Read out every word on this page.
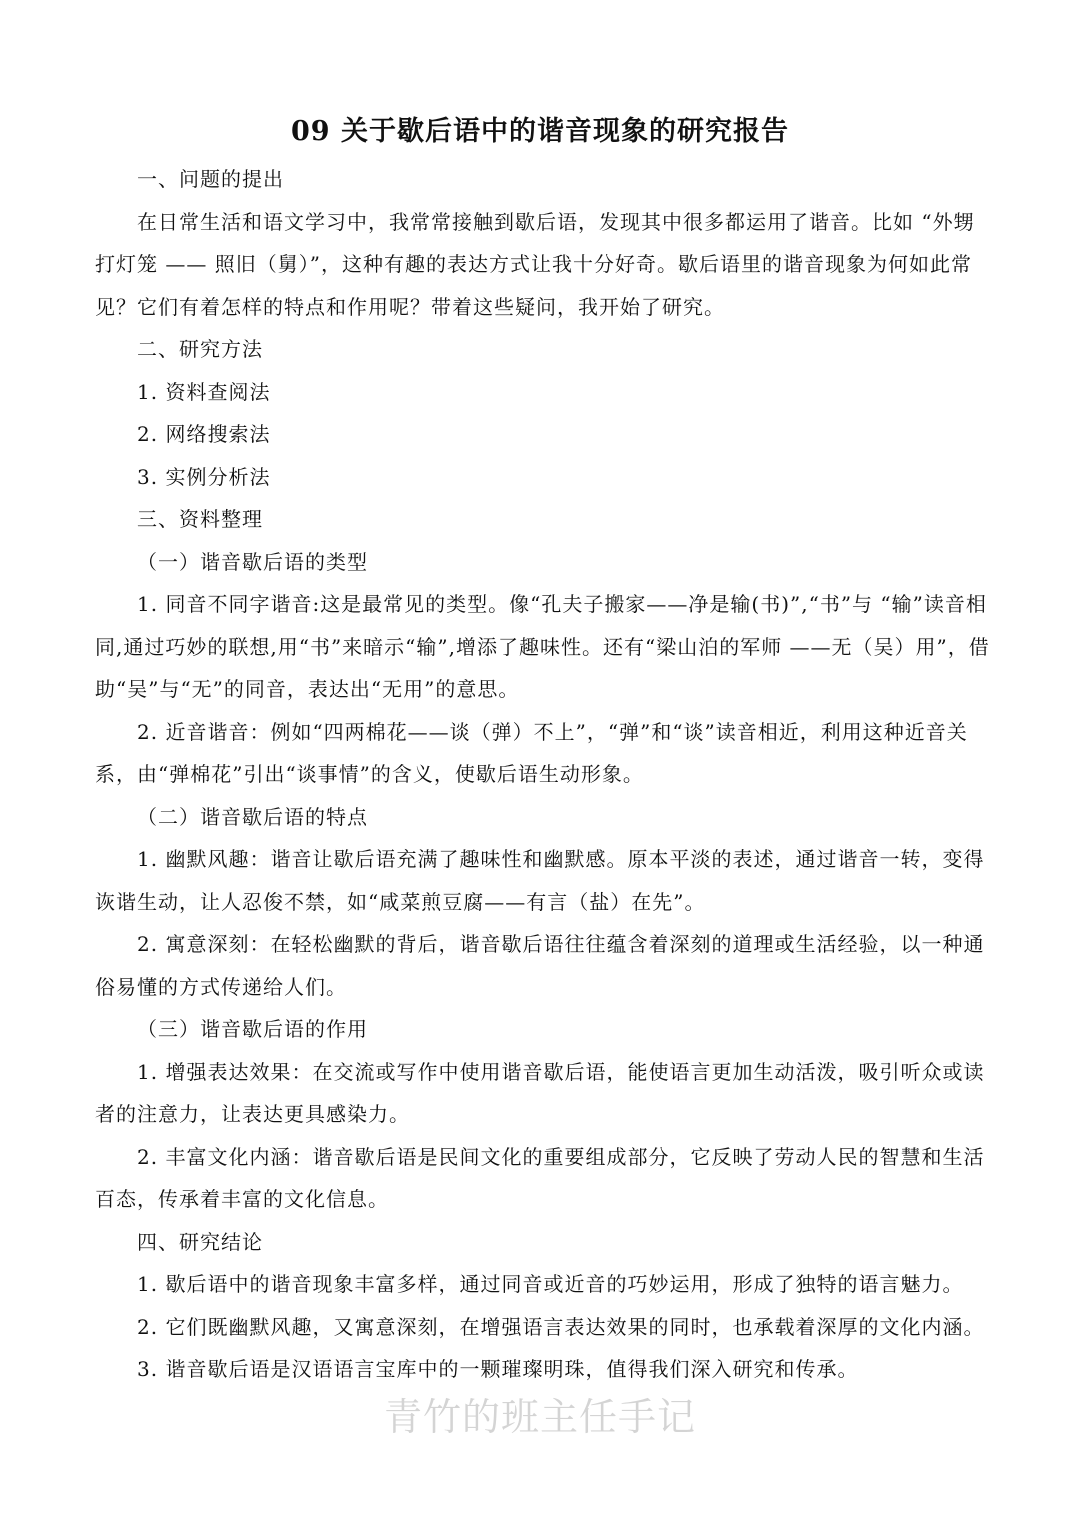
09 关于歇后语中的谐音现象的研究报告

一、问题的提出

在日常生活和语文学习中，我常常接触到歇后语，发现其中很多都运用了谐音。比如 “外甥打灯笼 —— 照旧（舅）”，这种有趣的表达方式让我十分好奇。歇后语里的谐音现象为何如此常见？它们有着怎样的特点和作用呢？带着这些疑问，我开始了研究。

二、研究方法

1. 资料查阅法

2. 网络搜索法

3. 实例分析法

三、资料整理

（一）谐音歇后语的类型

1. 同音不同字谐音:这是最常见的类型。像“孔夫子搬家——净是输(书)”,“书”与 “输”读音相同,通过巧妙的联想,用“书”来暗示“输”,增添了趣味性。还有“梁山泊的军师 ——无（吴）用”，借助“吴”与“无”的同音，表达出“无用”的意思。

2. 近音谐音：例如“四两棉花——谈（弹）不上”，“弹”和“谈”读音相近，利用这种近音关系，由“弹棉花”引出“谈事情”的含义，使歇后语生动形象。

（二）谐音歇后语的特点

1. 幽默风趣：谐音让歇后语充满了趣味性和幽默感。原本平淡的表述，通过谐音一转，变得诙谐生动，让人忍俊不禁，如“咸菜煎豆腐——有言（盐）在先”。

2. 寓意深刻：在轻松幽默的背后，谐音歇后语往往蕴含着深刻的道理或生活经验，以一种通俗易懂的方式传递给人们。

（三）谐音歇后语的作用

1. 增强表达效果：在交流或写作中使用谐音歇后语，能使语言更加生动活泼，吸引听众或读者的注意力，让表达更具感染力。

2. 丰富文化内涵：谐音歇后语是民间文化的重要组成部分，它反映了劳动人民的智慧和生活百态，传承着丰富的文化信息。

四、研究结论

1. 歇后语中的谐音现象丰富多样，通过同音或近音的巧妙运用，形成了独特的语言魅力。

2. 它们既幽默风趣，又寓意深刻，在增强语言表达效果的同时，也承载着深厚的文化内涵。

3. 谐音歇后语是汉语语言宝库中的一颗璀璨明珠，值得我们深入研究和传承。

青竹的班主任手记
